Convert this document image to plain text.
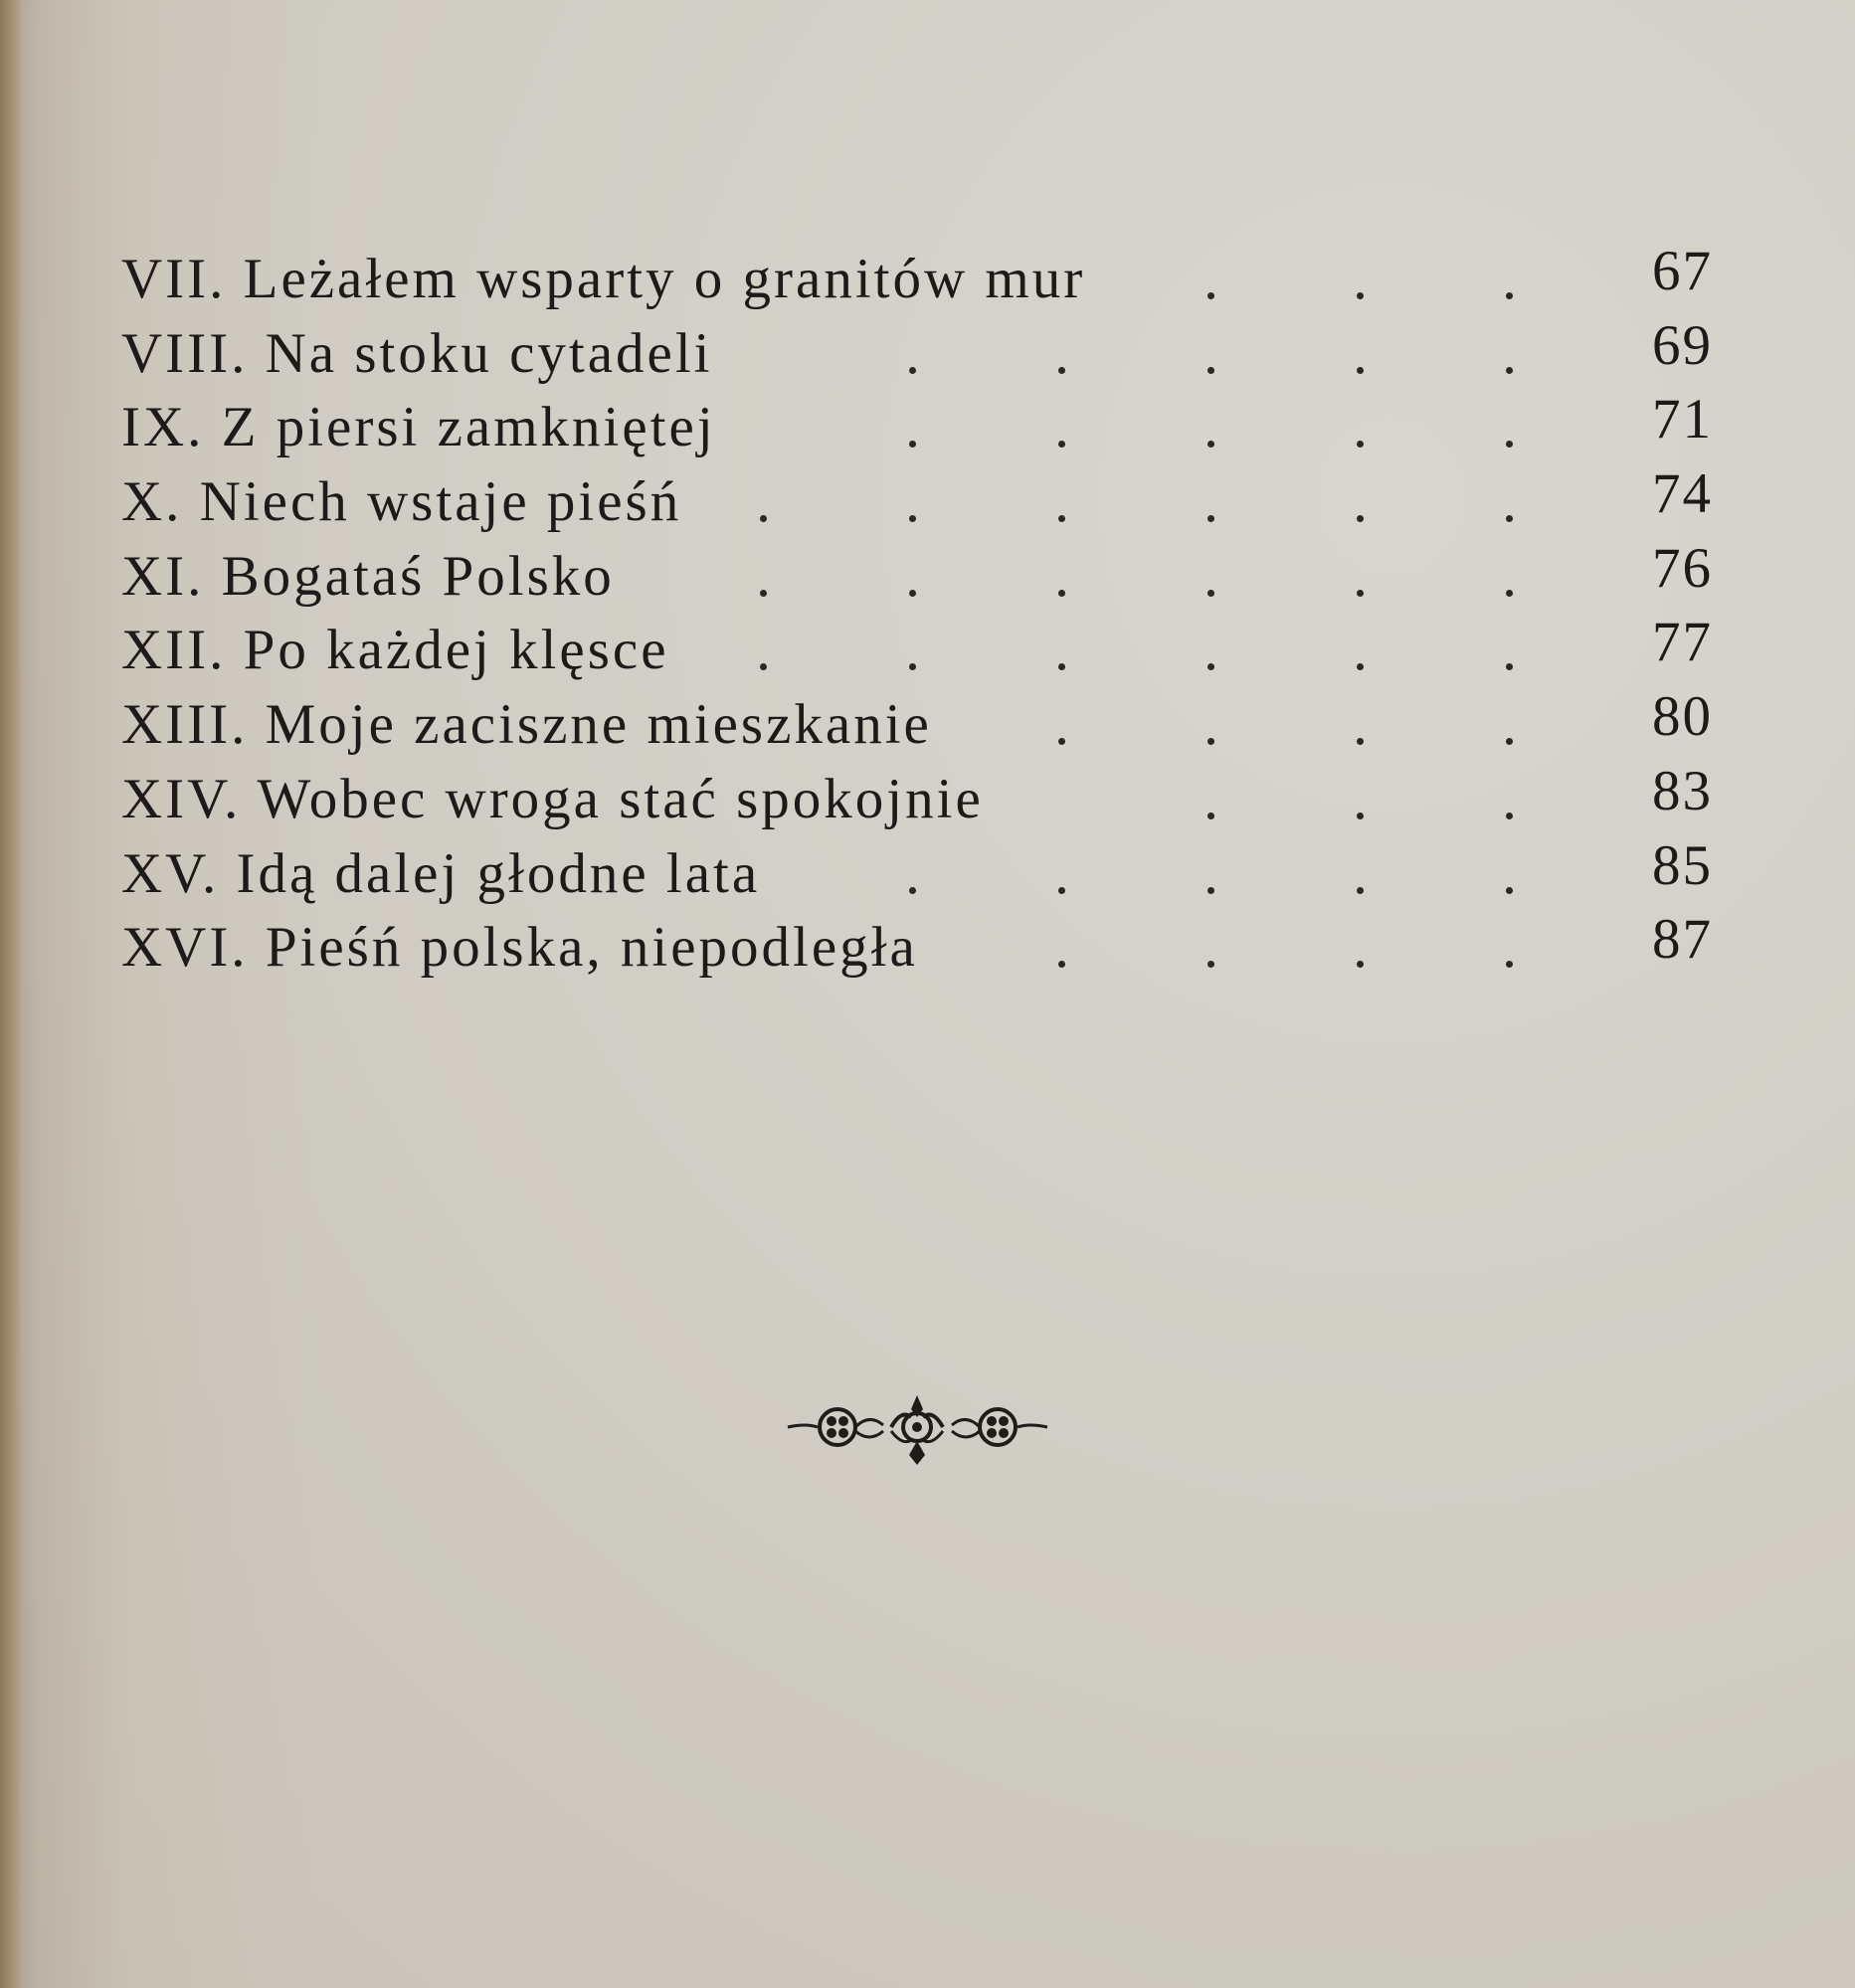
VII. Leżałem wsparty o granitów mur	67
VIII. Na stoku cytadeli	69
IX. Z piersi zamkniętej	71
X. Niech wstaje pieśń	74
XI. Bogataś Polsko	76
XII. Po każdej klęsce	77
XIII. Moje zaciszne mieszkanie	80
XIV. Wobec wroga stać spokojnie	83
XV. Idą dalej głodne lata	85
XVI. Pieśń polska, niepodległa	87
